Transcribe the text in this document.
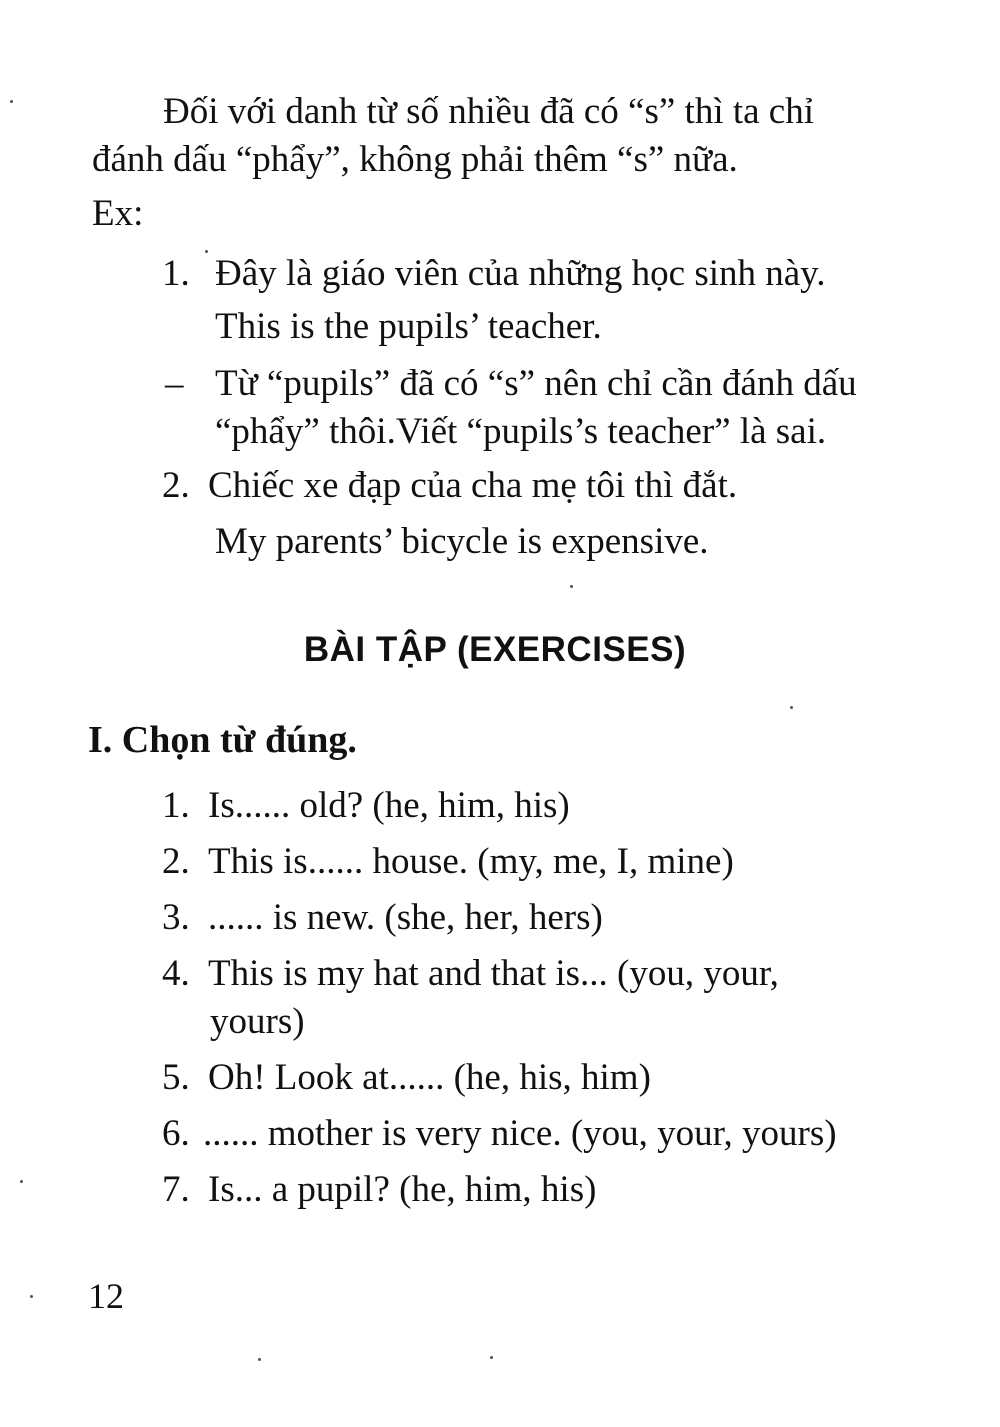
Đối với danh từ số nhiều đã có “s” thì ta chỉ
đánh dấu “phẩy”, không phải thêm “s” nữa.
Ex:
1. Đây là giáo viên của những học sinh này.
This is the pupils’ teacher.
– Từ “pupils” đã có “s” nên chỉ cần đánh dấu
“phẩy” thôi.Viết “pupils’s teacher” là sai.
2. Chiếc xe đạp của cha mẹ tôi thì đắt.
My parents’ bicycle is expensive.
BÀI TẬP (EXERCISES)
I. Chọn từ đúng.
1. Is...... old? (he, him, his)
2. This is...... house. (my, me, I, mine)
3. ...... is new. (she, her, hers)
4. This is my hat and that is... (you, your,
yours)
5. Oh! Look at...... (he, his, him)
6. ...... mother is very nice. (you, your, yours)
7. Is... a pupil? (he, him, his)
12
